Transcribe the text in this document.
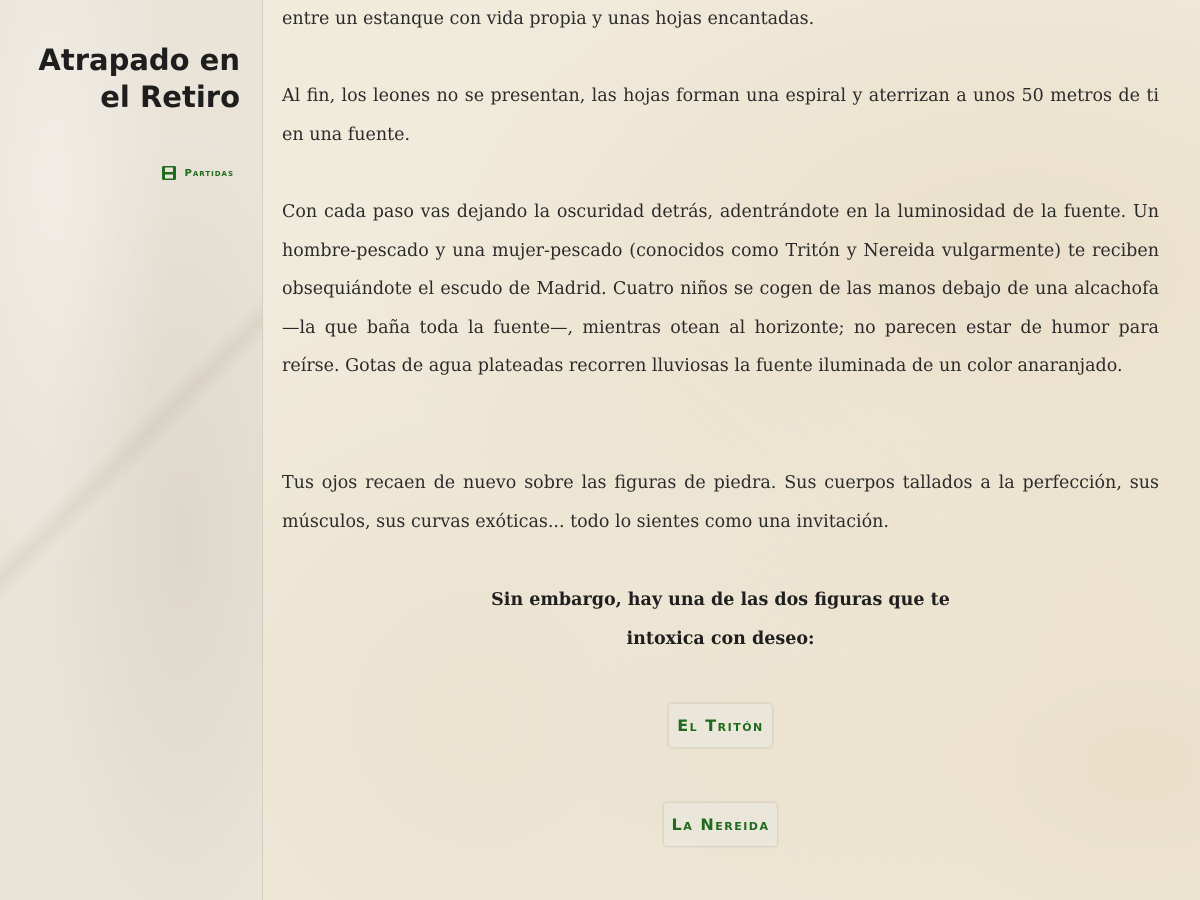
Atrapado en el Retiro
Partidas

entre un estanque con vida propia y unas hojas encantadas.

Al fin, los leones no se presentan, las hojas forman una espiral y aterrizan a unos 50 metros de ti en una fuente.

Con cada paso vas dejando la oscuridad detrás, adentrándote en la luminosidad de la fuente. Un hombre-pescado y una mujer-pescado (conocidos como Tritón y Nereida vulgarmente) te reciben obsequiándote el escudo de Madrid. Cuatro niños se cogen de las manos debajo de una alcachofa —la que baña toda la fuente—, mientras otean al horizonte; no parecen estar de humor para reírse. Gotas de agua plateadas recorren lluviosas la fuente iluminada de un color anaranjado.

Tus ojos recaen de nuevo sobre las figuras de piedra. Sus cuerpos tallados a la perfección, sus músculos, sus curvas exóticas... todo lo sientes como una invitación.

Sin embargo, hay una de las dos figuras que te
intoxica con deseo:
El Tritón
La Nereida
